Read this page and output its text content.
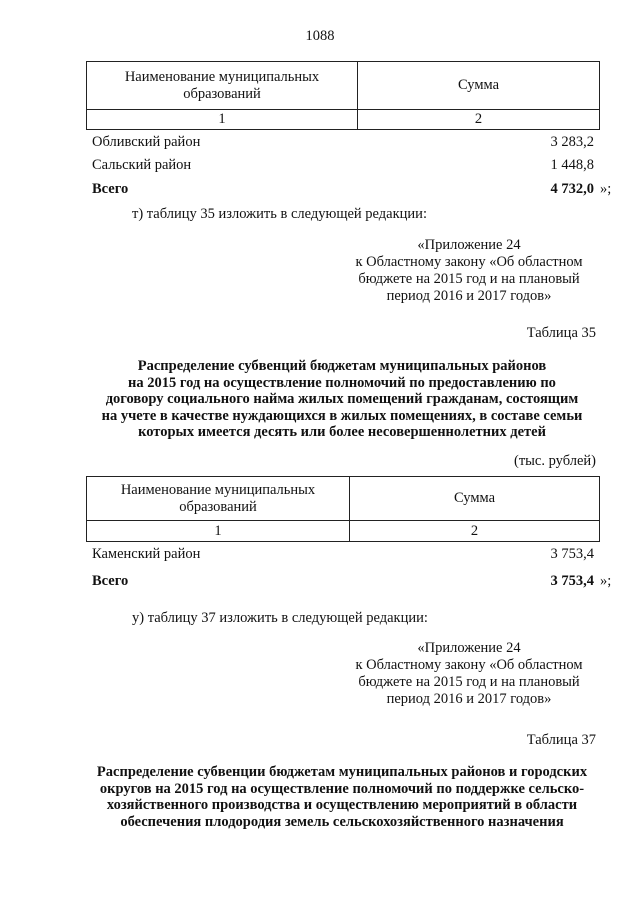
1088
Наименование муниципальных образований	Сумма
1	2
Обливский район	3 283,2
Сальский район	1 448,8
Всего	4 732,0 »;
т) таблицу 35 изложить в следующей редакции:
«Приложение 24
к Областному закону «Об областном
бюджете на 2015 год и на плановый
период 2016 и 2017 годов»
Таблица 35
Распределение субвенций бюджетам муниципальных районов
на 2015 год на осуществление полномочий по предоставлению по
договору социального найма жилых помещений гражданам, состоящим
на учете в качестве нуждающихся в жилых помещениях, в составе семьи
которых имеется десять или более несовершеннолетних детей
(тыс. рублей)
Наименование муниципальных образований	Сумма
1	2
Каменский район	3 753,4
Всего	3 753,4 »;
у) таблицу 37 изложить в следующей редакции:
«Приложение 24
к Областному закону «Об областном
бюджете на 2015 год и на плановый
период 2016 и 2017 годов»
Таблица 37
Распределение субвенции бюджетам муниципальных районов и городских
округов на 2015 год на осуществление полномочий по поддержке сельско-
хозяйственного производства и осуществлению мероприятий в области
обеспечения плодородия земель сельскохозяйственного назначения
